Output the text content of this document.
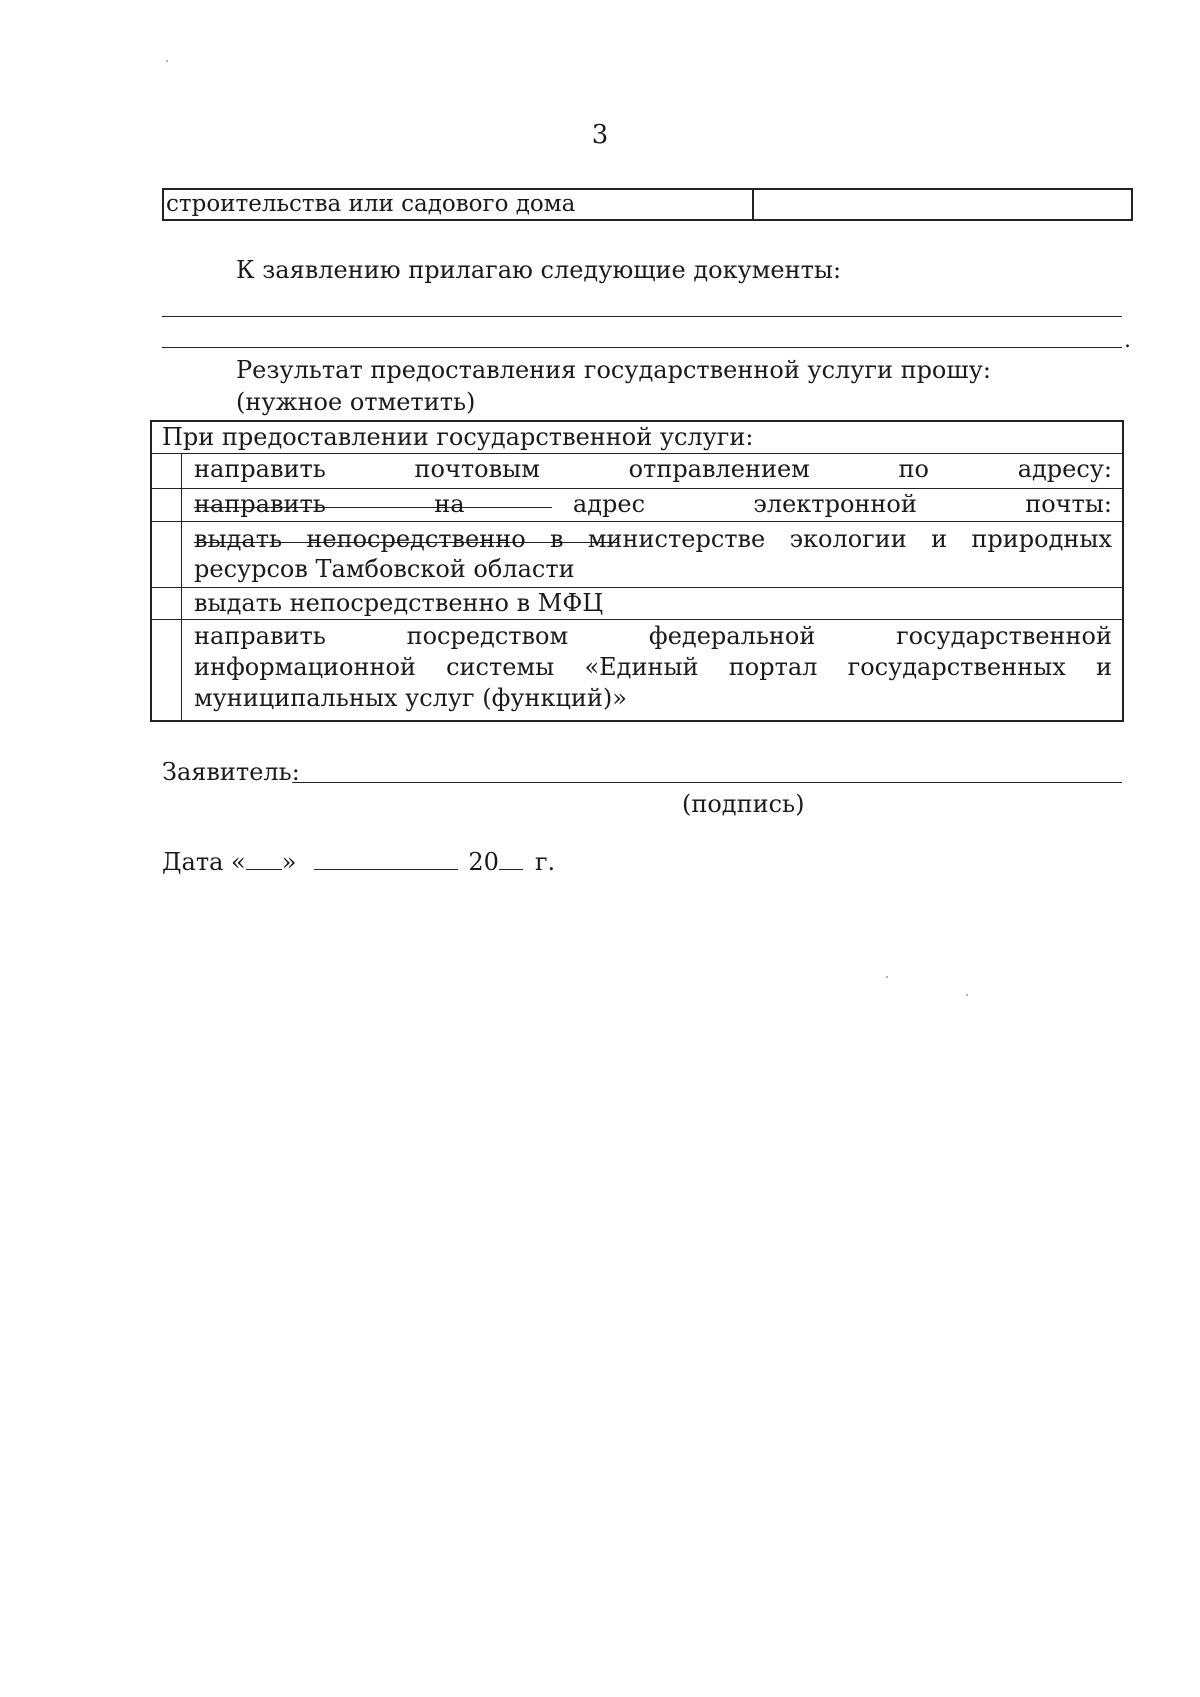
3
строительства или садового дома
К заявлению прилагаю следующие документы:
.
Результат предоставления государственной услуги прошу:
(нужное отметить)
При предоставлении государственной услуги:
направить почтовым отправлением по адресу:
направить на адрес электронной почты:
выдать непосредственно в министерстве экологии и природных ресурсов Тамбовской области
выдать непосредственно в МФЦ
направить посредством федеральной государственной информационной системы «Единый портал государственных и муниципальных услуг (функций)»
Заявитель:
(подпись)
Дата « »	20 г.
